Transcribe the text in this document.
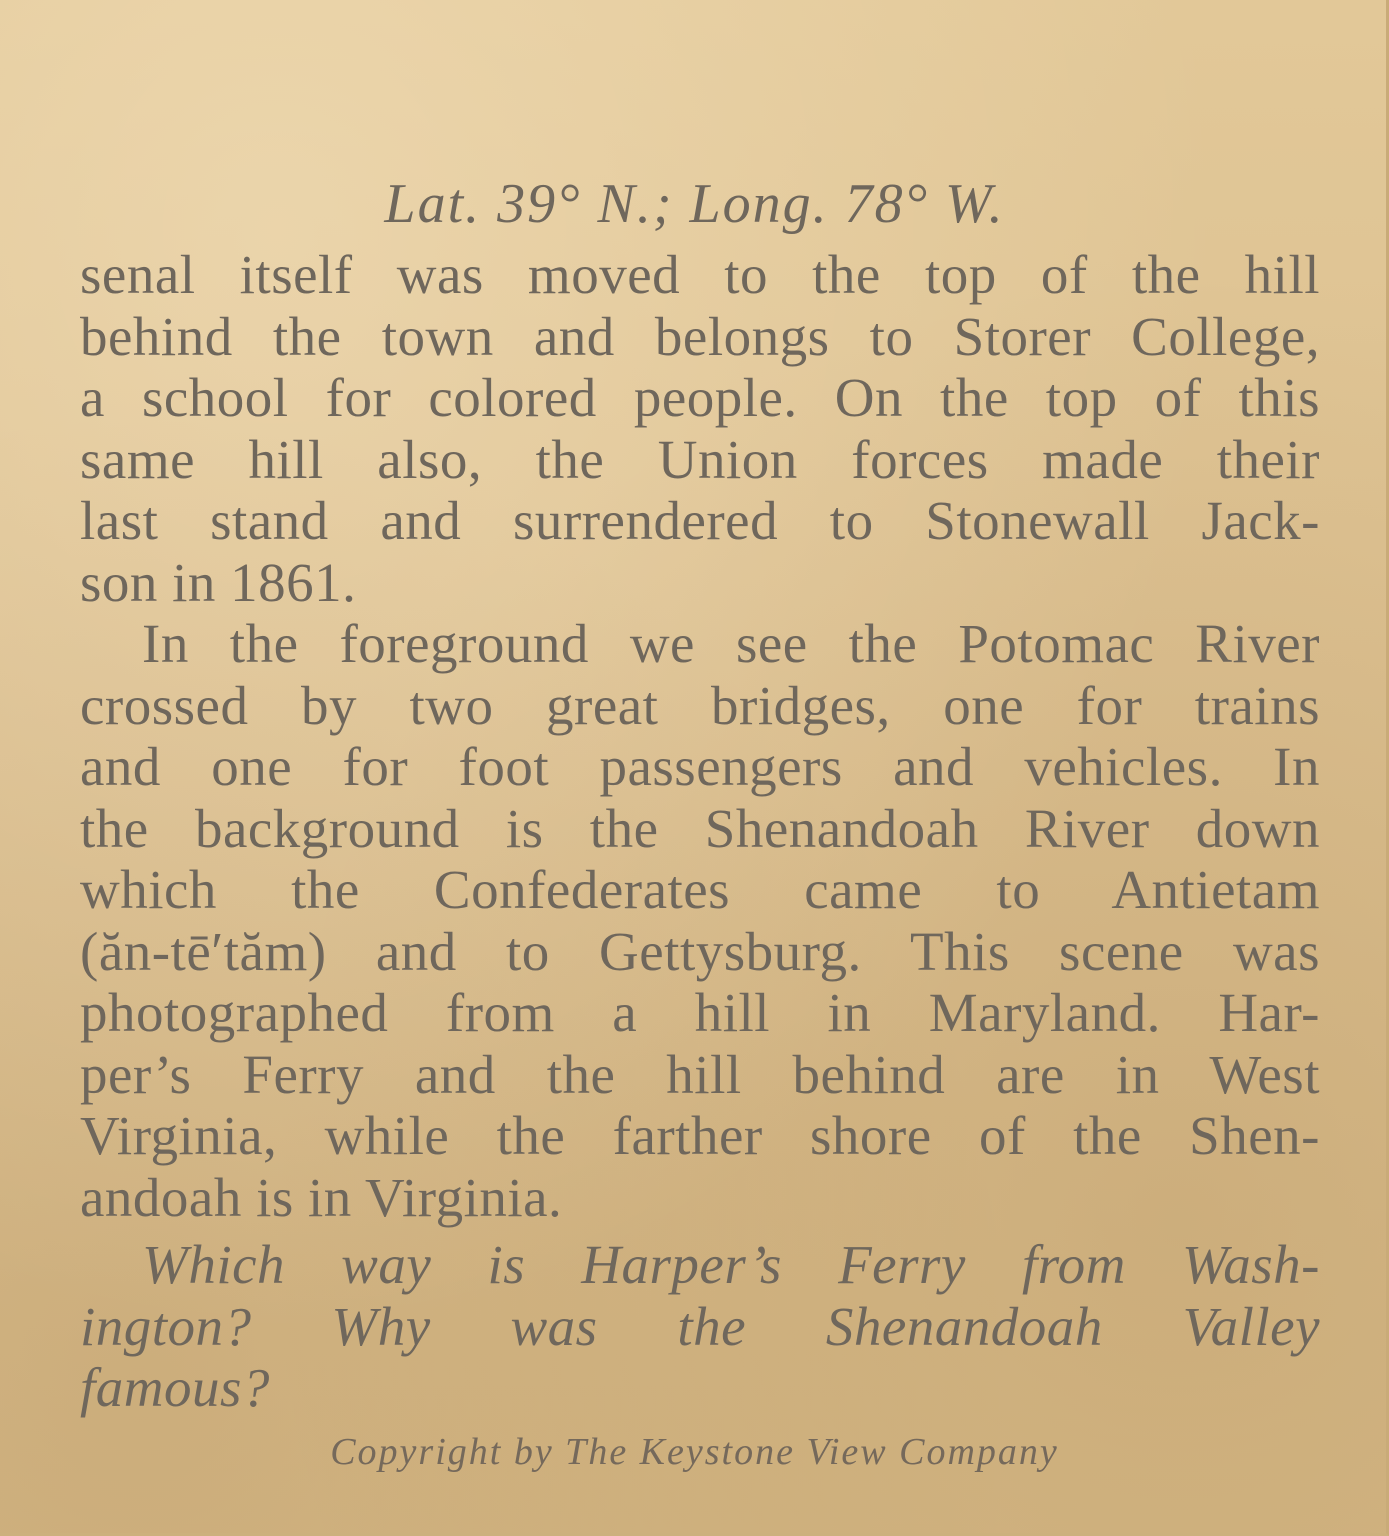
Lat. 39° N.; Long. 78° W.
senal itself was moved to the top of the hill
behind the town and belongs to Storer College,
a school for colored people. On the top of this
same hill also, the Union forces made their
last stand and surrendered to Stonewall Jack-
son in 1861.
In the foreground we see the Potomac River
crossed by two great bridges, one for trains
and one for foot passengers and vehicles. In
the background is the Shenandoah River down
which the Confederates came to Antietam
(ăn-tē′tăm) and to Gettysburg. This scene was
photographed from a hill in Maryland. Har-
per’s Ferry and the hill behind are in West
Virginia, while the farther shore of the Shen-
andoah is in Virginia.
Which way is Harper’s Ferry from Wash-
ington? Why was the Shenandoah Valley
famous?
Copyright by The Keystone View Company
